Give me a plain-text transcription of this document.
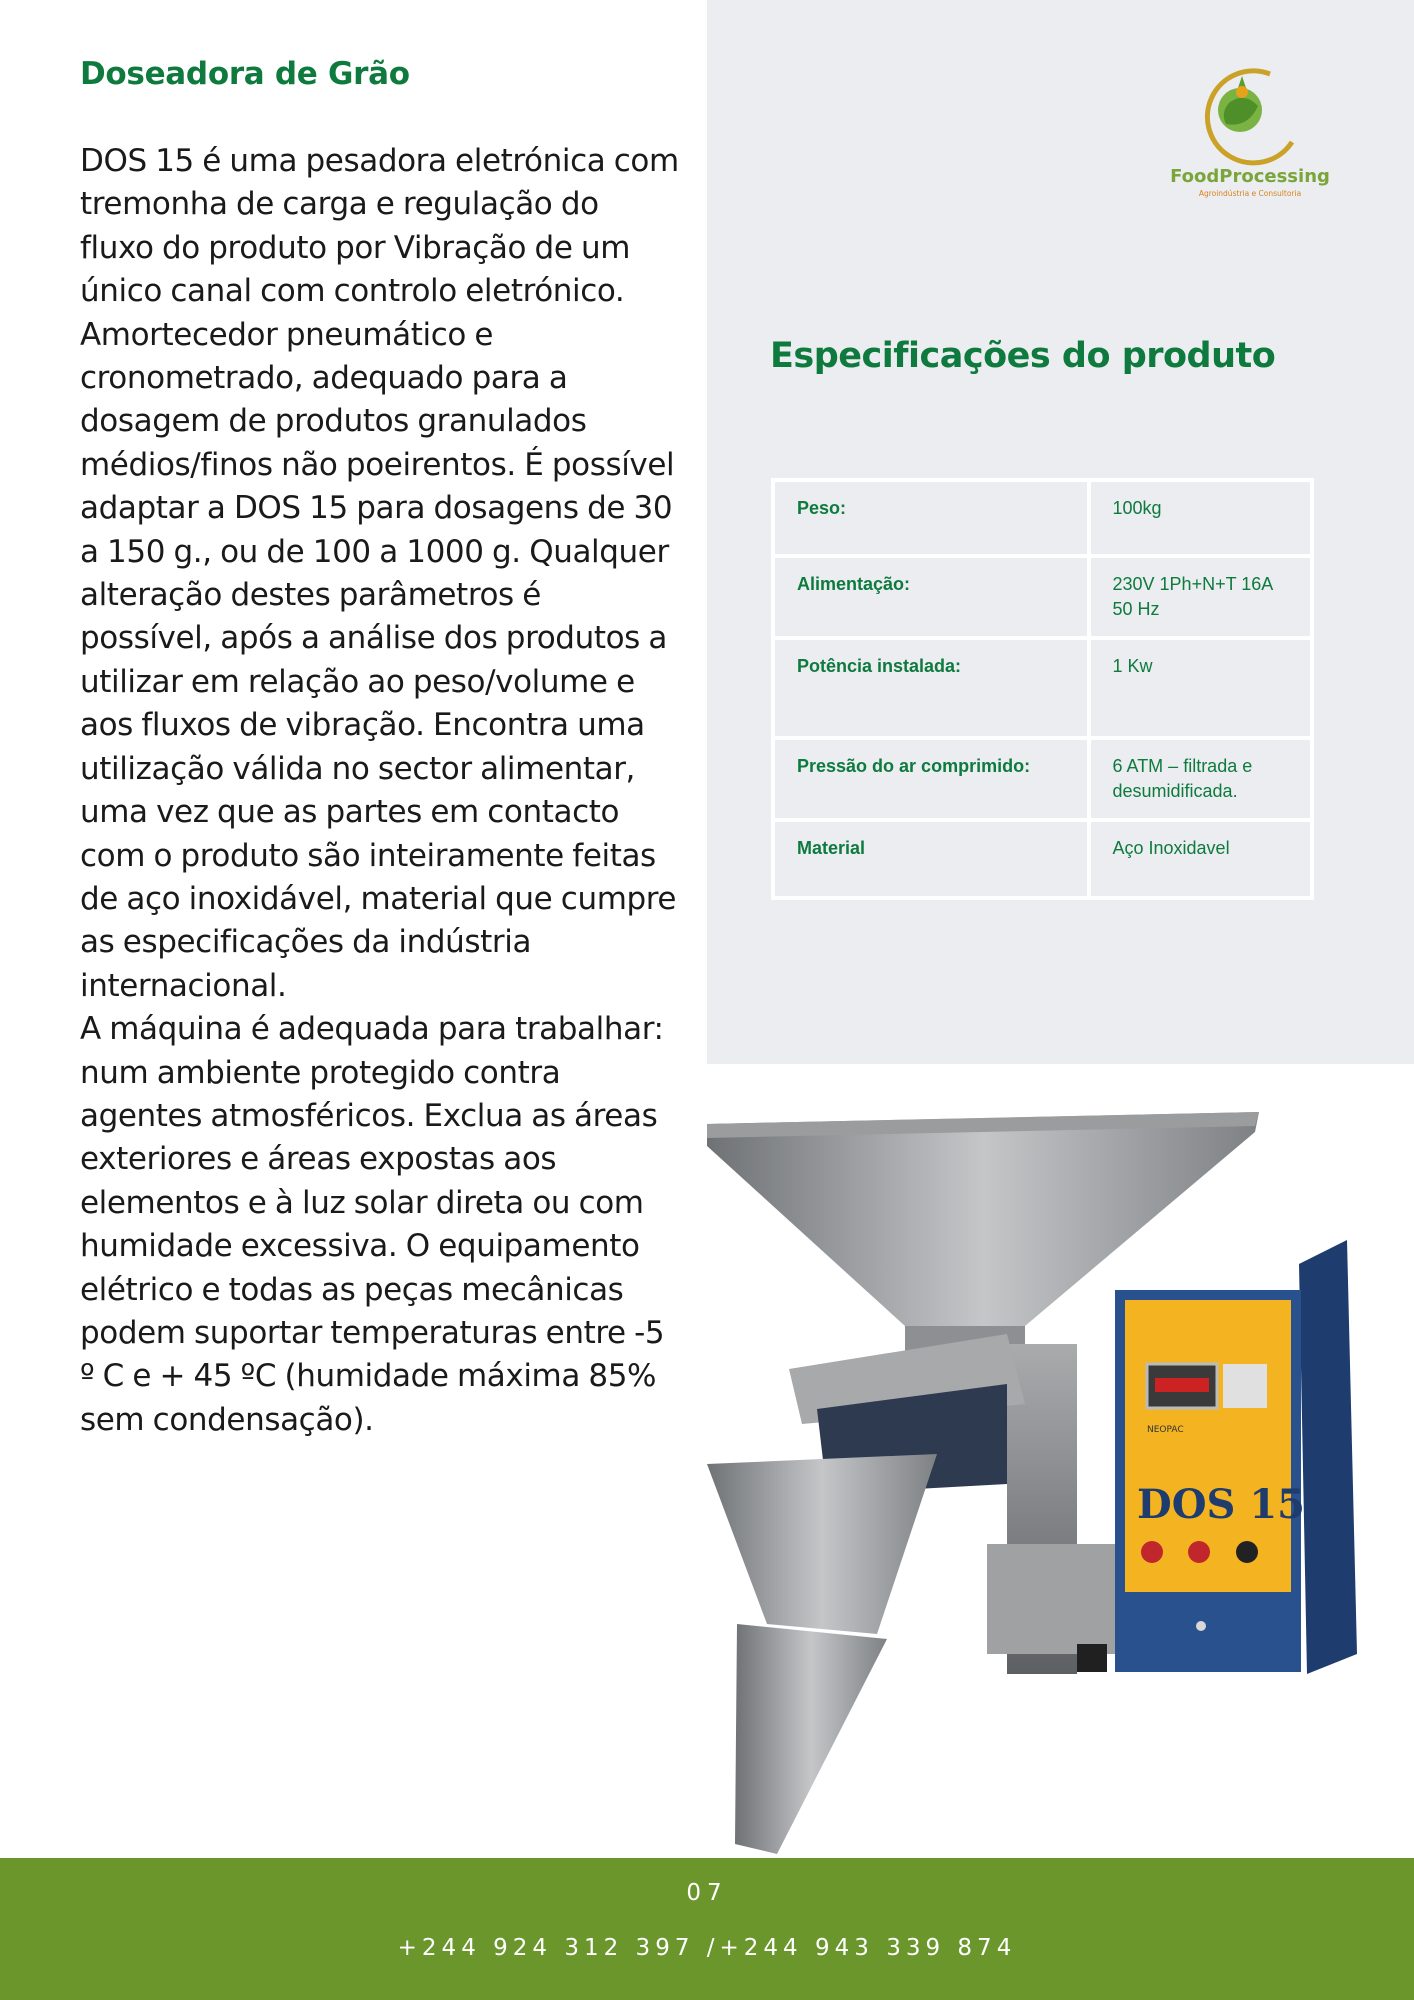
Doseadora de Grão

DOS 15 é uma pesadora eletrónica com tremonha de carga e regulação do fluxo do produto por Vibração de um único canal com controlo eletrónico. Amortecedor pneumático e cronometrado, adequado para a dosagem de produtos granulados médios/finos não poeirentos. É possível adaptar a DOS 15 para dosagens de 30 a 150 g., ou de 100 a 1000 g. Qualquer alteração destes parâmetros é possível, após a análise dos produtos a utilizar em relação ao peso/volume e aos fluxos de vibração. Encontra uma utilização válida no sector alimentar, uma vez que as partes em contacto com o produto são inteiramente feitas de aço inoxidável, material que cumpre as especificações da indústria internacional.

A máquina é adequada para trabalhar: num ambiente protegido contra agentes atmosféricos. Exclua as áreas exteriores e áreas expostas aos elementos e à luz solar direta ou com humidade excessiva. O equipamento elétrico e todas as peças mecânicas podem suportar temperaturas entre -5 º C e + 45 ºC (humidade máxima 85% sem condensação).

FoodProcessing
Agroindústria e Consultoria
Especificações do produto
Peso:	100kg
Alimentação:	230V 1Ph+N+T 16A 50 Hz
Potência instalada:	1 Kw
Pressão do ar comprimido:	6 ATM – filtrada e desumidificada.
Material	Aço Inoxidavel
NEOPAC
DOS 15
07
+244 924 312 397 /+244 943 339 874
